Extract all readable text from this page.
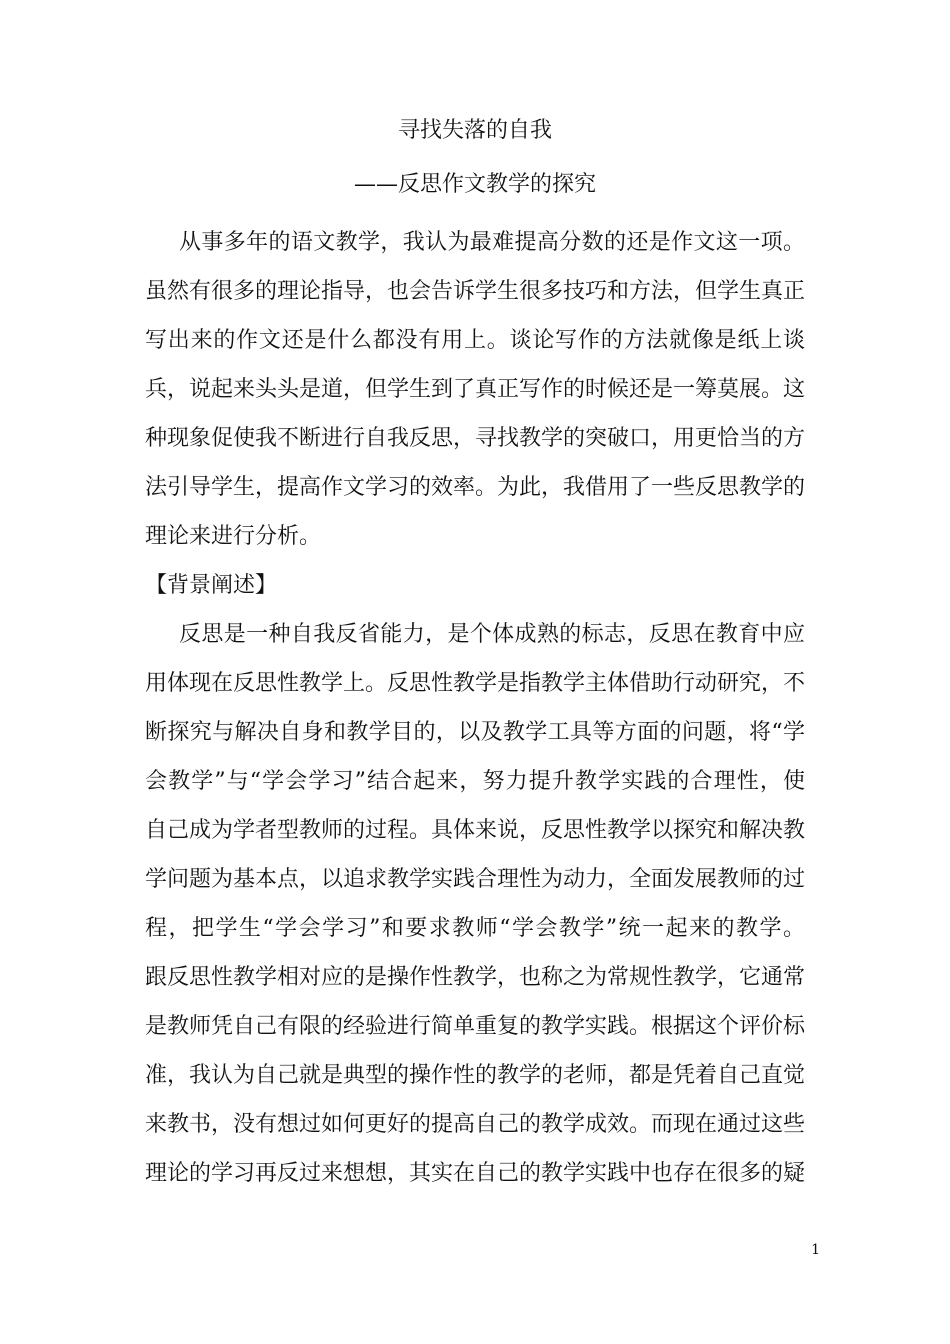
寻找失落的自我
——反思作文教学的探究
从事多年的语文教学，我认为最难提高分数的还是作文这一项。
虽然有很多的理论指导，也会告诉学生很多技巧和方法，但学生真正
写出来的作文还是什么都没有用上。谈论写作的方法就像是纸上谈
兵，说起来头头是道，但学生到了真正写作的时候还是一筹莫展。这
种现象促使我不断进行自我反思，寻找教学的突破口，用更恰当的方
法引导学生，提高作文学习的效率。为此，我借用了一些反思教学的
理论来进行分析。
【背景阐述】
反思是一种自我反省能力，是个体成熟的标志，反思在教育中应
用体现在反思性教学上。反思性教学是指教学主体借助行动研究，不
断探究与解决自身和教学目的，以及教学工具等方面的问题，将“学
会教学”与“学会学习”结合起来，努力提升教学实践的合理性，使
自己成为学者型教师的过程。具体来说，反思性教学以探究和解决教
学问题为基本点，以追求教学实践合理性为动力，全面发展教师的过
程，把学生“学会学习”和要求教师“学会教学”统一起来的教学。
跟反思性教学相对应的是操作性教学，也称之为常规性教学，它通常
是教师凭自己有限的经验进行简单重复的教学实践。根据这个评价标
准，我认为自己就是典型的操作性的教学的老师，都是凭着自己直觉
来教书，没有想过如何更好的提高自己的教学成效。而现在通过这些
理论的学习再反过来想想，其实在自己的教学实践中也存在很多的疑
1
